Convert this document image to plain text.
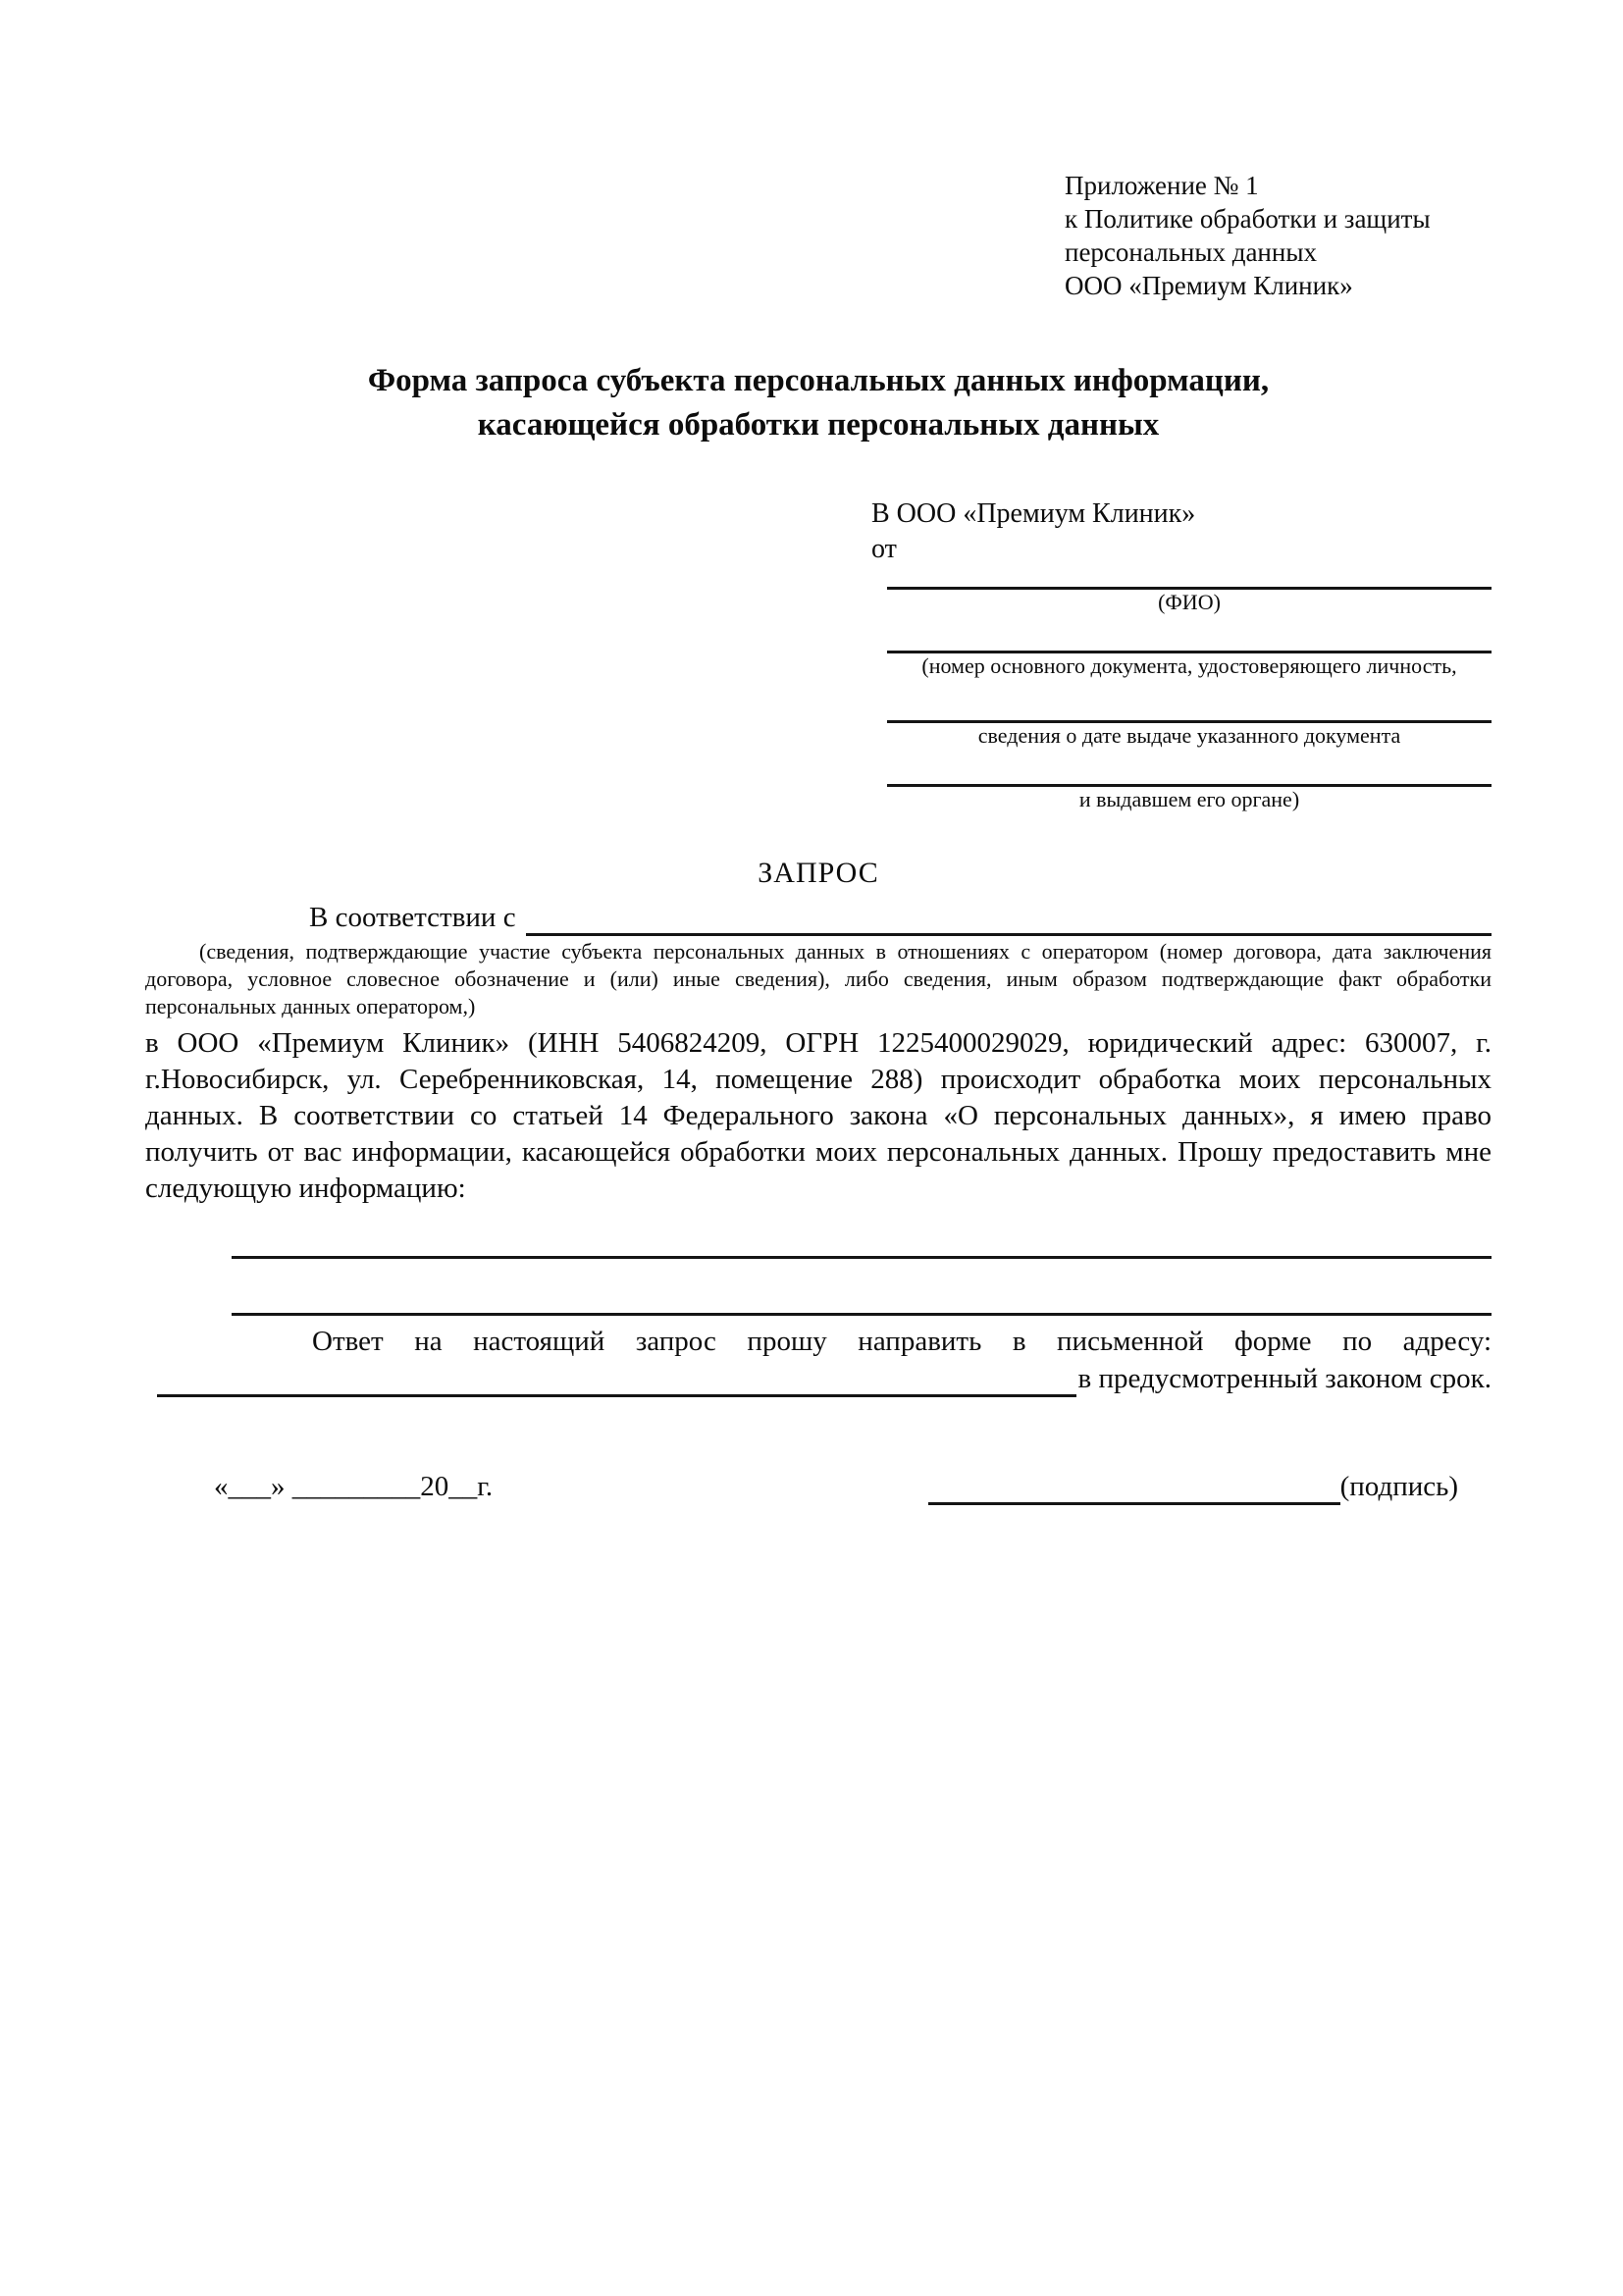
Приложение № 1
к Политике обработки и защиты
персональных данных
ООО «Премиум Клиник»
Форма запроса субъекта персональных данных информации,
касающейся обработки персональных данных
В ООО «Премиум Клиник»
от
(ФИО)
(номер основного документа, удостоверяющего личность,
сведения о дате выдаче указанного документа
и выдавшем его органе)
ЗАПРОС
В соответствии с

(сведения, подтверждающие участие субъекта персональных данных в отношениях с оператором (номер договора, дата заключения договора, условное словесное обозначение и (или) иные сведения), либо сведения, иным образом подтверждающие факт обработки персональных данных оператором,)

в ООО «Премиум Клиник» (ИНН 5406824209, ОГРН 1225400029029, юридический адрес: 630007, г. г.Новосибирск, ул. Серебренниковская, 14, помещение 288) происходит обработка моих персональных данных. В соответствии со статьей 14 Федерального закона «О персональных данных», я имею право получить от вас информации, касающейся обработки моих персональных данных. Прошу предоставить мне следующую информацию:

Ответ на настоящий запрос прошу направить в письменной форме по адресу:

в предусмотренный законом срок.
«___» _________20__г.	(подпись)
